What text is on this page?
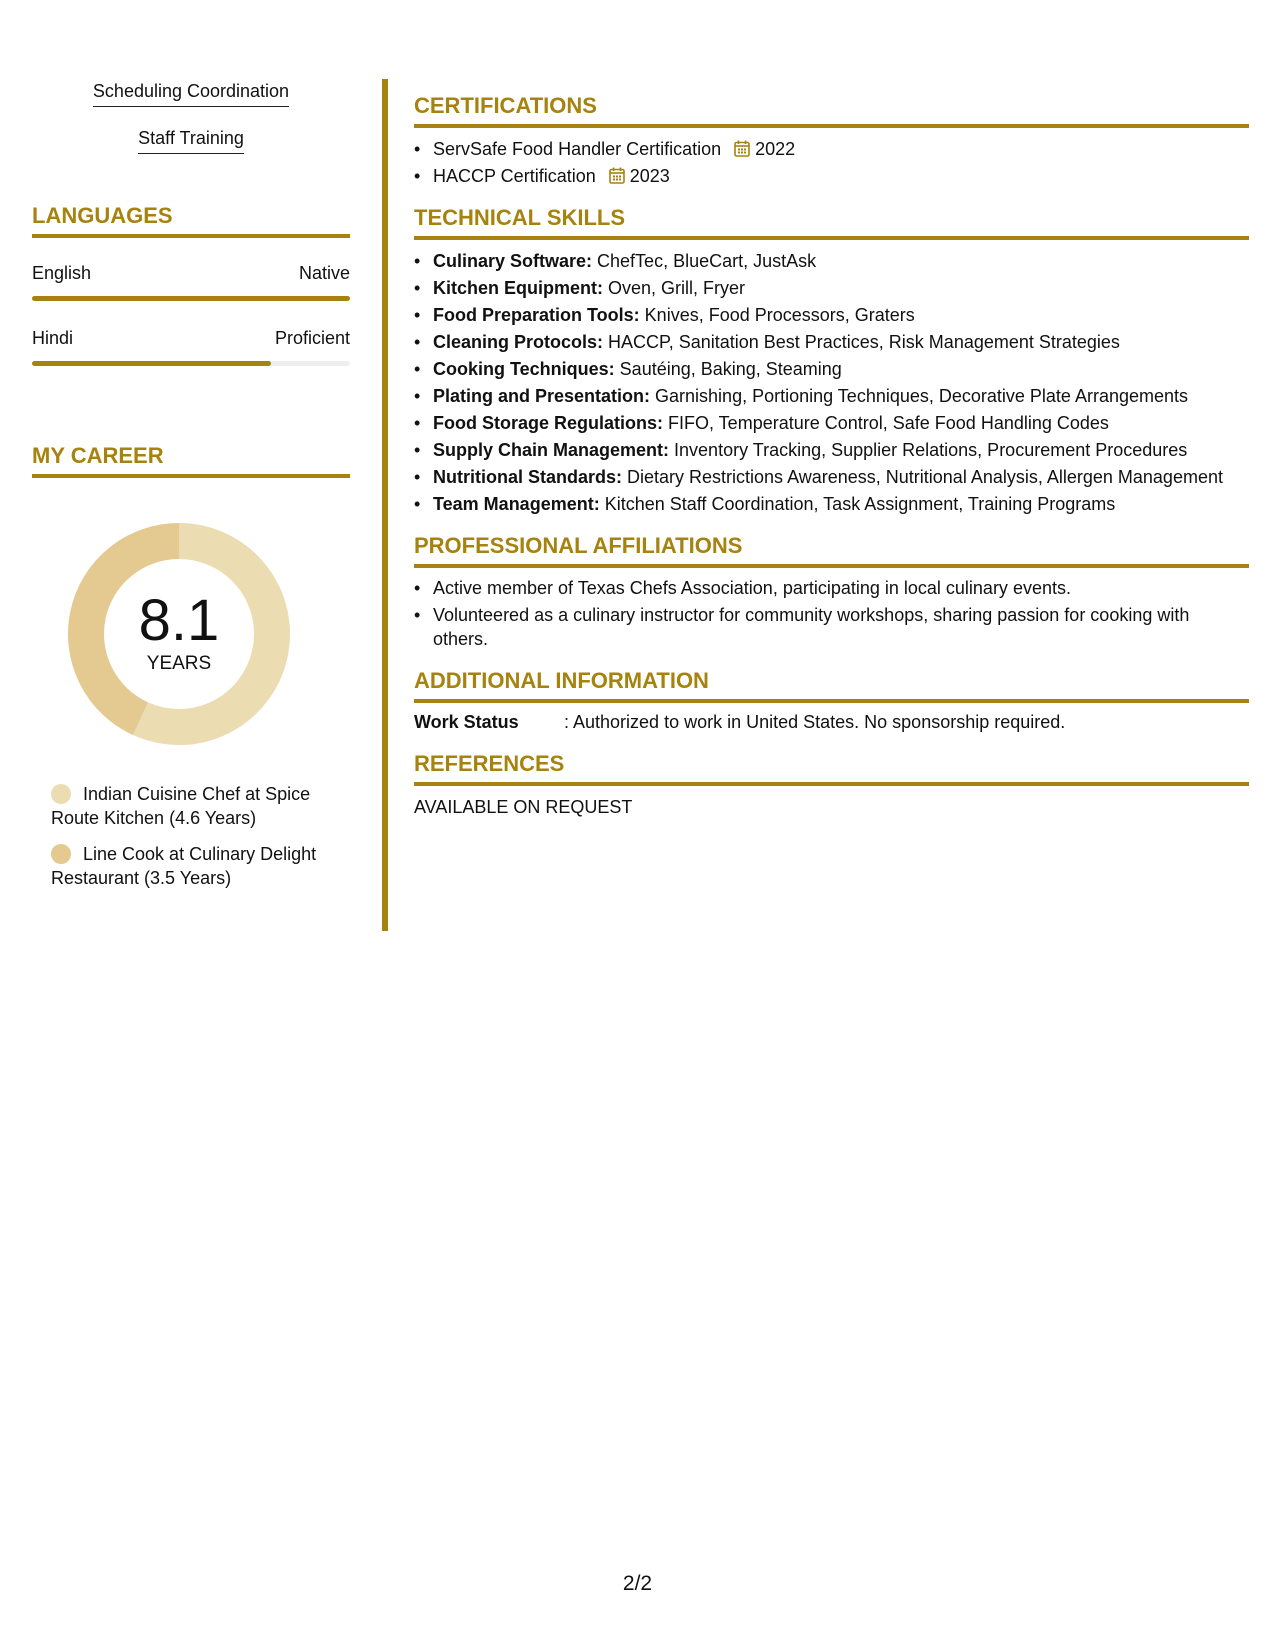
Scheduling Coordination
Staff Training
LANGUAGES
English	Native
Hindi	Proficient
MY CAREER
8.1
YEARS
Indian Cuisine Chef at Spice Route Kitchen (4.6 Years)
Line Cook at Culinary Delight Restaurant (3.5 Years)
CERTIFICATIONS
• ServSafe Food Handler Certification 2022
• HACCP Certification 2023
TECHNICAL SKILLS
• Culinary Software: ChefTec, BlueCart, JustAsk
• Kitchen Equipment: Oven, Grill, Fryer
• Food Preparation Tools: Knives, Food Processors, Graters
• Cleaning Protocols: HACCP, Sanitation Best Practices, Risk Management Strategies
• Cooking Techniques: Sautéing, Baking, Steaming
• Plating and Presentation: Garnishing, Portioning Techniques, Decorative Plate Arrangements
• Food Storage Regulations: FIFO, Temperature Control, Safe Food Handling Codes
• Supply Chain Management: Inventory Tracking, Supplier Relations, Procurement Procedures
• Nutritional Standards: Dietary Restrictions Awareness, Nutritional Analysis, Allergen Management
• Team Management: Kitchen Staff Coordination, Task Assignment, Training Programs
PROFESSIONAL AFFILIATIONS
• Active member of Texas Chefs Association, participating in local culinary events.
• Volunteered as a culinary instructor for community workshops, sharing passion for cooking with others.
ADDITIONAL INFORMATION
Work Status	: Authorized to work in United States. No sponsorship required.
REFERENCES
AVAILABLE ON REQUEST
2/2
